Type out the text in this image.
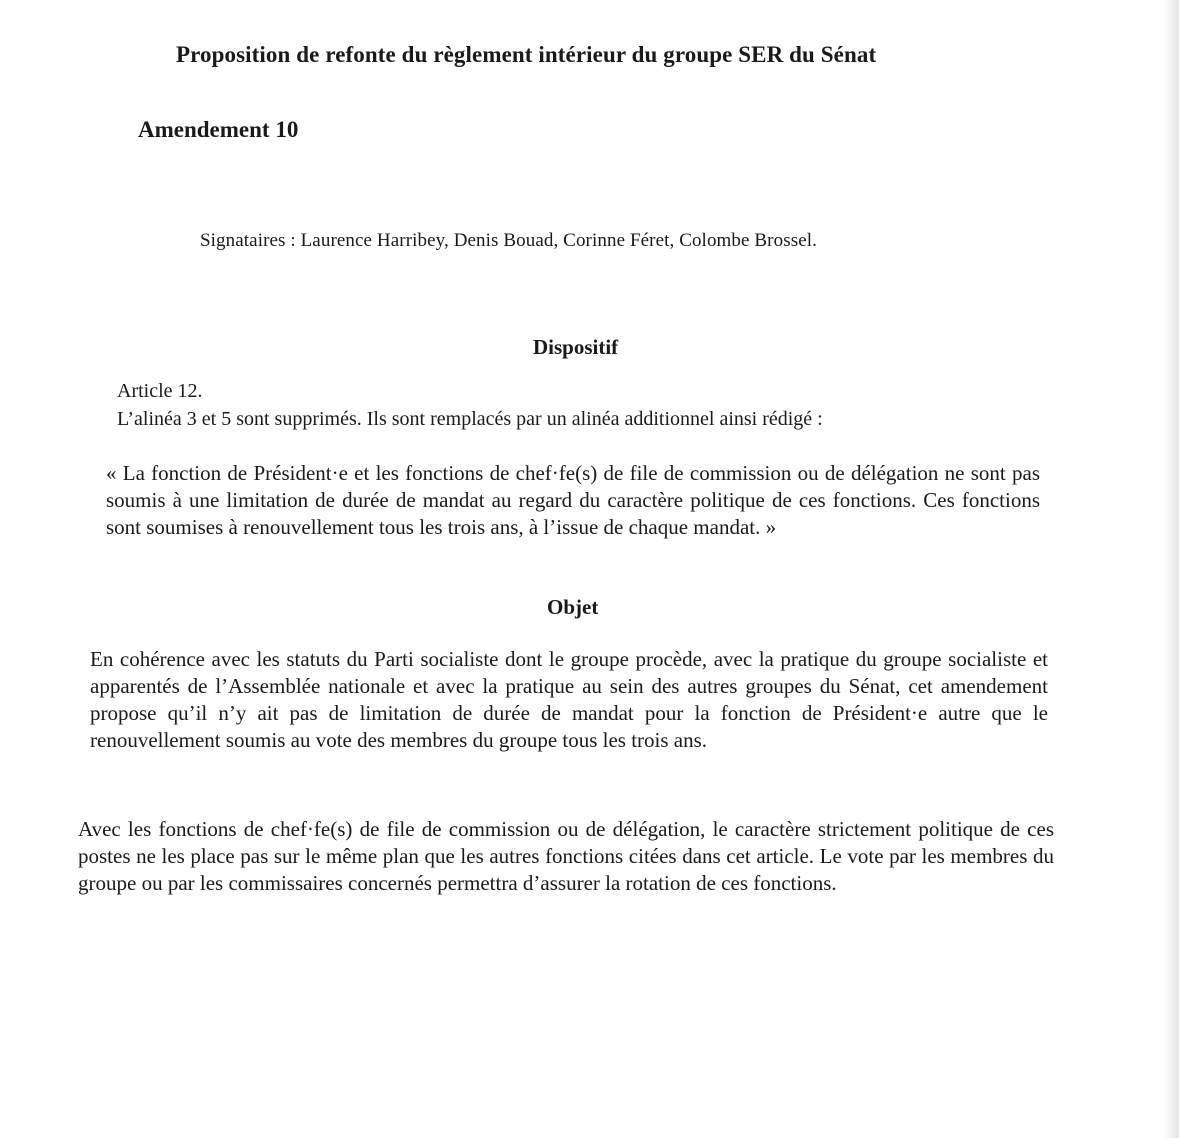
Proposition de refonte du règlement intérieur du groupe SER du Sénat
Amendement 10
Signataires : Laurence Harribey, Denis Bouad, Corinne Féret, Colombe Brossel.
Dispositif
Article 12.
L’alinéa 3 et 5 sont supprimés. Ils sont remplacés par un alinéa additionnel ainsi rédigé :

« La fonction de Président·e et les fonctions de chef·fe(s) de file de commission ou de délégation ne sont pas soumis à une limitation de durée de mandat au regard du caractère politique de ces fonctions. Ces fonctions sont soumises à renouvellement tous les trois ans, à l’issue de chaque mandat. »

Objet

En cohérence avec les statuts du Parti socialiste dont le groupe procède, avec la pratique du groupe socialiste et apparentés de l’Assemblée nationale et avec la pratique au sein des autres groupes du Sénat, cet amendement propose qu’il n’y ait pas de limitation de durée de mandat pour la fonction de Président·e autre que le renouvellement soumis au vote des membres du groupe tous les trois ans.

Avec les fonctions de chef·fe(s) de file de commission ou de délégation, le caractère strictement politique de ces postes ne les place pas sur le même plan que les autres fonctions citées dans cet article. Le vote par les membres du groupe ou par les commissaires concernés permettra d’assurer la rotation de ces fonctions.
